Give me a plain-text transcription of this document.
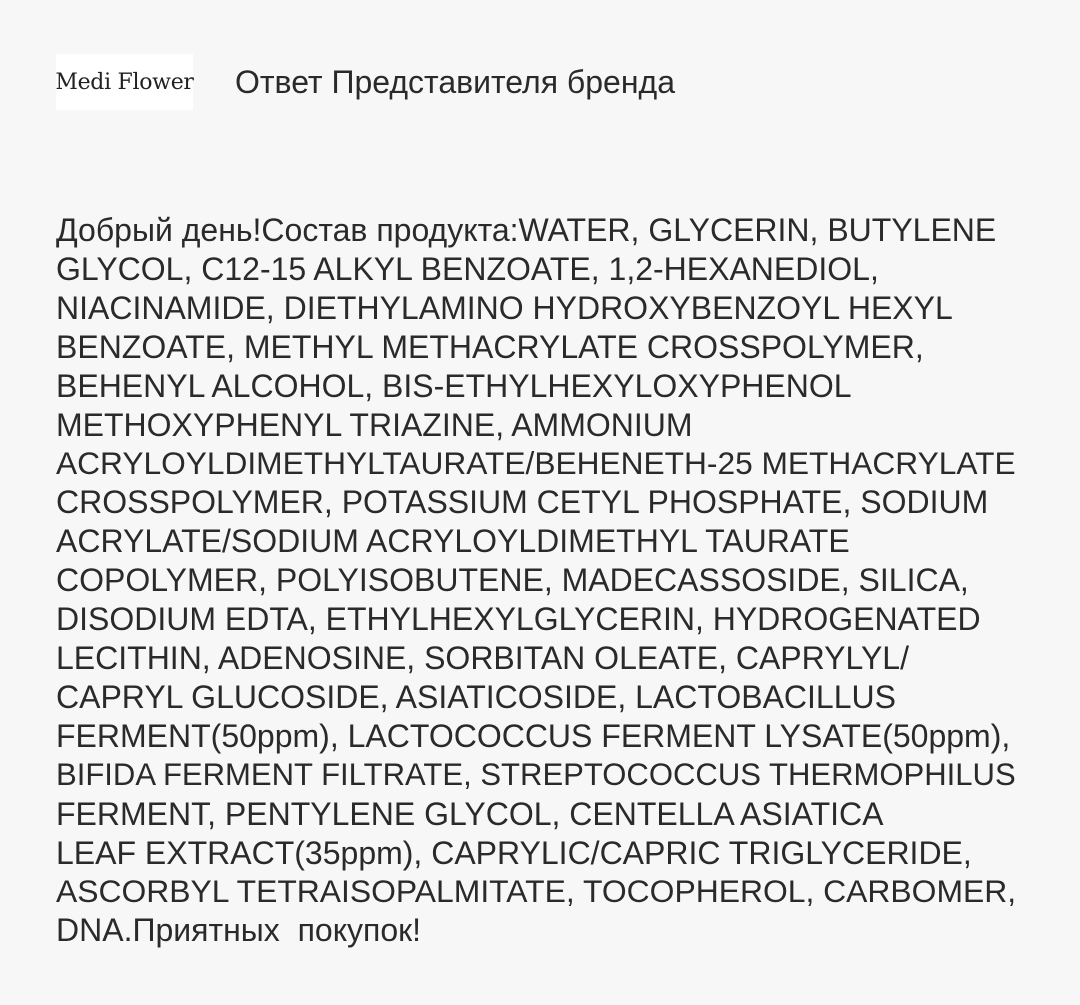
Medi Flower Ответ Представителя бренда

Добрый день!Состав продукта:WATER, GLYCERIN, BUTYLENE
GLYCOL, C12-15 ALKYL BENZOATE, 1,2-HEXANEDIOL,
NIACINAMIDE, DIETHYLAMINO HYDROXYBENZOYL HEXYL
BENZOATE, METHYL METHACRYLATE CROSSPOLYMER,
BEHENYL ALCOHOL, BIS-ETHYLHEXYLOXYPHENOL
METHOXYPHENYL TRIAZINE, AMMONIUM
ACRYLOYLDIMETHYLTAURATE/BEHENETH-25 METHACRYLATE
CROSSPOLYMER, POTASSIUM CETYL PHOSPHATE, SODIUM
ACRYLATE/SODIUM ACRYLOYLDIMETHYL TAURATE
COPOLYMER, POLYISOBUTENE, MADECASSOSIDE, SILICA,
DISODIUM EDTA, ETHYLHEXYLGLYCERIN, HYDROGENATED
LECITHIN, ADENOSINE, SORBITAN OLEATE, CAPRYLYL/
CAPRYL GLUCOSIDE, ASIATICOSIDE, LACTOBACILLUS
FERMENT(50ppm), LACTOCOCCUS FERMENT LYSATE(50ppm),
BIFIDA FERMENT FILTRATE, STREPTOCOCCUS THERMOPHILUS
FERMENT, PENTYLENE GLYCOL, CENTELLA ASIATICA
LEAF EXTRACT(35ppm), CAPRYLIC/CAPRIC TRIGLYCERIDE,
ASCORBYL TETRAISOPALMITATE, TOCOPHEROL, CARBOMER,
DNA.Приятных  покупок!
